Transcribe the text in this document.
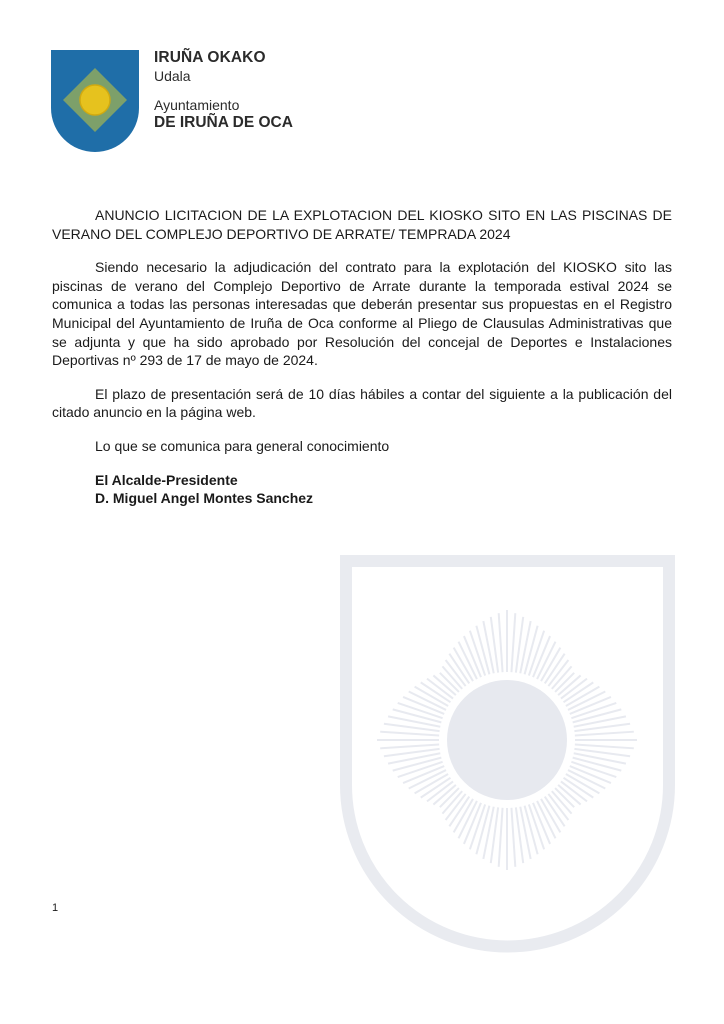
IRUÑA OKAKO
Udala
Ayuntamiento
DE IRUÑA DE OCA

ANUNCIO LICITACION DE LA EXPLOTACION DEL KIOSKO SITO EN LAS PISCINAS DE VERANO DEL COMPLEJO DEPORTIVO DE ARRATE/ TEMPRADA 2024

Siendo necesario la adjudicación del contrato para la explotación del KIOSKO sito las piscinas de verano del Complejo Deportivo de Arrate durante la temporada estival 2024 se comunica a todas las personas interesadas que deberán presentar sus propuestas en el Registro Municipal del Ayuntamiento de Iruña de Oca conforme al Pliego de Clausulas Administrativas que se adjunta y que ha sido aprobado por Resolución del concejal de Deportes e Instalaciones Deportivas nº 293 de 17 de mayo de 2024.

El plazo de presentación será de 10 días hábiles a contar del siguiente a la publicación del citado anuncio en la página web.

Lo que se comunica para general conocimiento

El Alcalde-Presidente
D. Miguel Angel Montes Sanchez
1
